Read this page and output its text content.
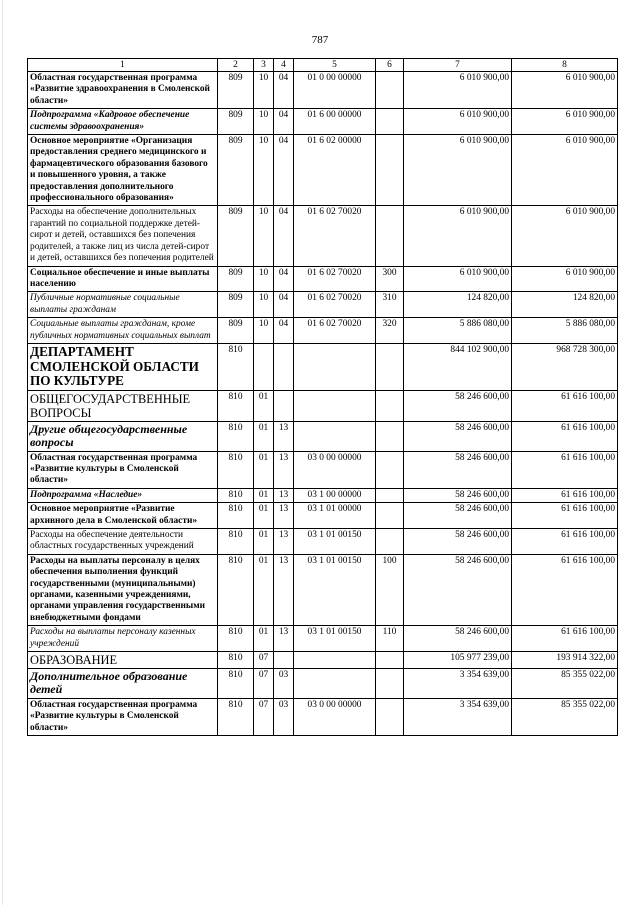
787
1	2	3	4	5	6	7	8
Областная государственная программа «Развитие здравоохранения в Смоленской области»	809	10	04	01 0 00 00000		6 010 900,00	6 010 900,00
Подпрограмма «Кадровое обеспечение системы здравоохранения»	809	10	04	01 6 00 00000		6 010 900,00	6 010 900,00
Основное мероприятие «Организация предоставления среднего медицинского и фармацевтического образования базового и повышенного уровня, а также предоставления дополнительного профессионального образования»	809	10	04	01 6 02 00000		6 010 900,00	6 010 900,00
Расходы на обеспечение дополнительных гарантий по социальной поддержке детей-сирот и детей, оставшихся без попечения родителей, а также лиц из числа детей-сирот и детей, оставшихся без попечения родителей	809	10	04	01 6 02 70020		6 010 900,00	6 010 900,00
Социальное обеспечение и иные выплаты населению	809	10	04	01 6 02 70020	300	6 010 900,00	6 010 900,00
Публичные нормативные социальные выплаты гражданам	809	10	04	01 6 02 70020	310	124 820,00	124 820,00
Социальные выплаты гражданам, кроме публичных нормативных социальных выплат	809	10	04	01 6 02 70020	320	5 886 080,00	5 886 080,00
ДЕПАРТАМЕНТ СМОЛЕНСКОЙ ОБЛАСТИ ПО КУЛЬТУРЕ	810					844 102 900,00	968 728 300,00
ОБЩЕГОСУДАРСТВЕННЫЕ ВОПРОСЫ	810	01				58 246 600,00	61 616 100,00
Другие общегосударственные вопросы	810	01	13			58 246 600,00	61 616 100,00
Областная государственная программа «Развитие культуры в Смоленской области»	810	01	13	03 0 00 00000		58 246 600,00	61 616 100,00
Подпрограмма «Наследие»	810	01	13	03 1 00 00000		58 246 600,00	61 616 100,00
Основное мероприятие «Развитие архивного дела в Смоленской области»	810	01	13	03 1 01 00000		58 246 600,00	61 616 100,00
Расходы на обеспечение деятельности областных государственных учреждений	810	01	13	03 1 01 00150		58 246 600,00	61 616 100,00
Расходы на выплаты персоналу в целях обеспечения выполнения функций государственными (муниципальными) органами, казенными учреждениями, органами управления государственными внебюджетными фондами	810	01	13	03 1 01 00150	100	58 246 600,00	61 616 100,00
Расходы на выплаты персоналу казенных учреждений	810	01	13	03 1 01 00150	110	58 246 600,00	61 616 100,00
ОБРАЗОВАНИЕ	810	07				105 977 239,00	193 914 322,00
Дополнительное образование детей	810	07	03			3 354 639,00	85 355 022,00
Областная государственная программа «Развитие культуры в Смоленской области»	810	07	03	03 0 00 00000		3 354 639,00	85 355 022,00
